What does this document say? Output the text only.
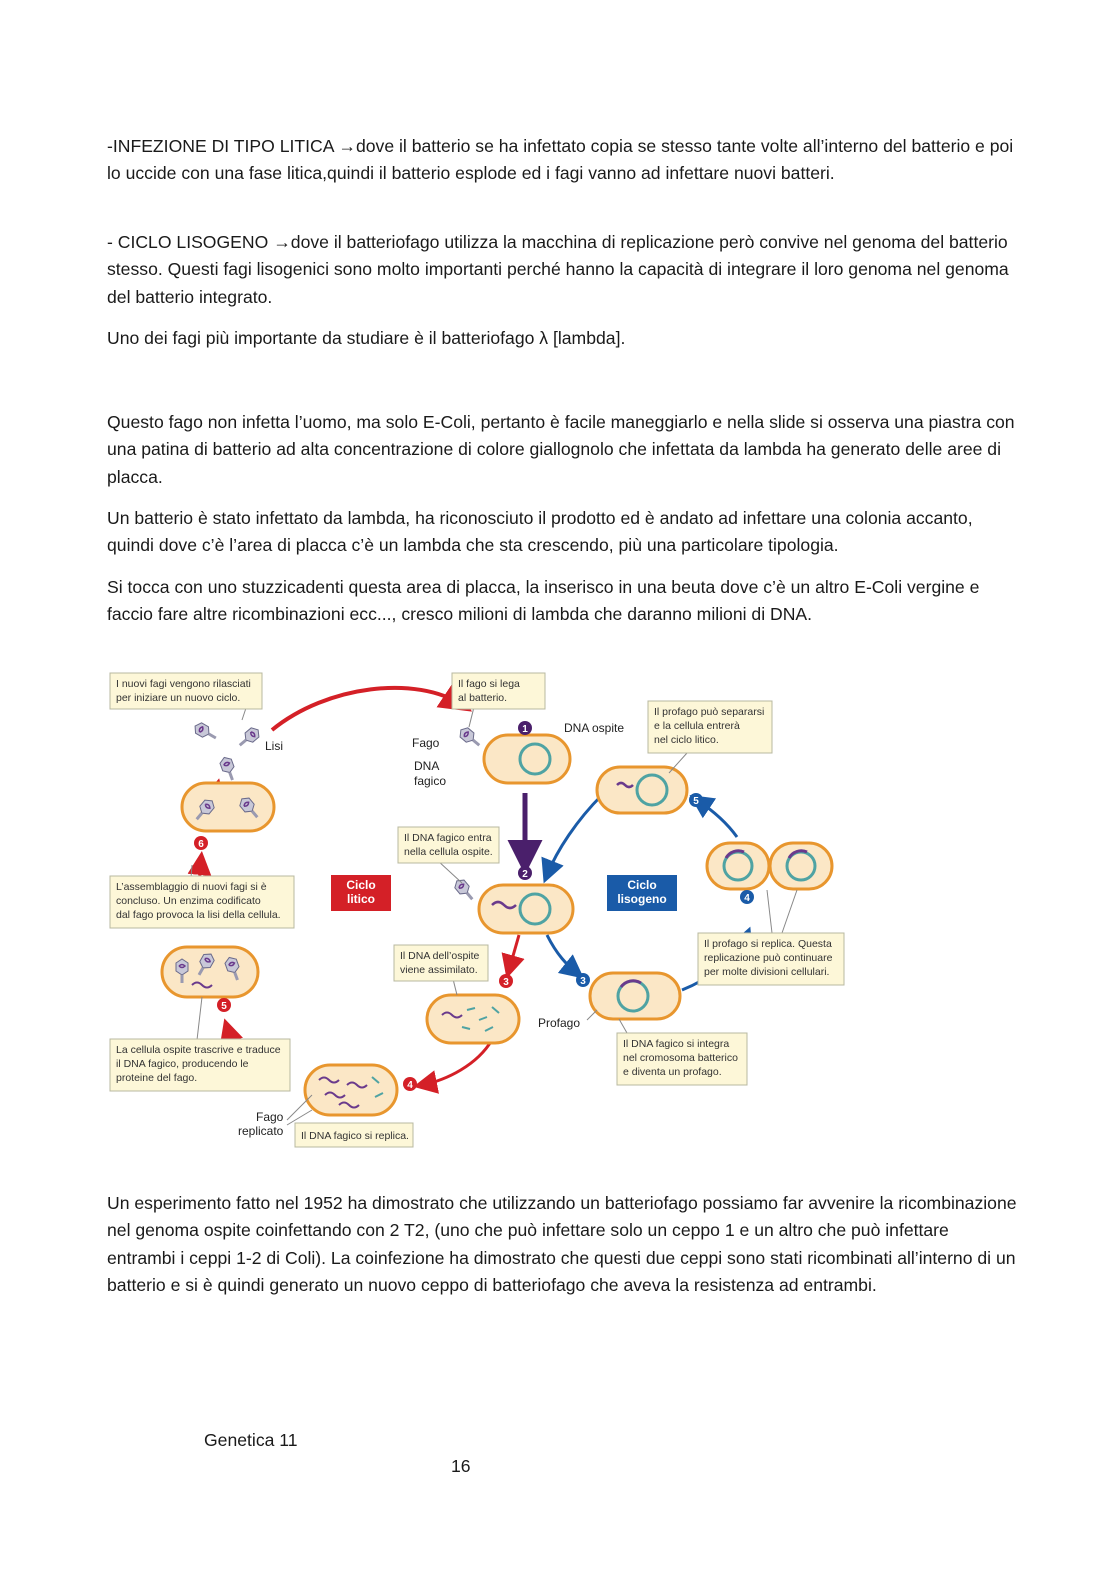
-INFEZIONE DI TIPO LITICA →dove il batterio se ha infettato copia se stesso tante volte all’interno del batterio e poi lo uccide con una fase litica,quindi il batterio esplode ed i fagi vanno ad infettare nuovi batteri.

- CICLO LISOGENO →dove il batteriofago utilizza la macchina di replicazione però convive nel genoma del batterio stesso. Questi fagi lisogenici sono molto importanti perché hanno la capacità di integrare il loro genoma nel genoma del batterio integrato.

Uno dei fagi più importante da studiare è il batteriofago λ [lambda].

Questo fago non infetta l’uomo, ma solo E-Coli, pertanto è facile maneggiarlo e nella slide si osserva una piastra con una patina di batterio ad alta concentrazione di colore giallognolo che infettata da lambda ha generato delle aree di placca.

Un batterio è stato infettato da lambda, ha riconosciuto il prodotto ed è andato ad infettare una colonia accanto, quindi dove c’è l’area di placca c’è un lambda che sta crescendo, più una particolare tipologia.

Si tocca con uno stuzzicadenti questa area di placca, la inserisco in una beuta dove c’è un altro E-Coli vergine e faccio fare altre ricombinazioni ecc..., cresco milioni di lambda che daranno milioni di DNA.

1
2
3
4
5
6
3
4
5
Ciclo
litico
Ciclo
lisogeno
Lisi	Fago
DNA
fagico
DNA ospite
Profago
Fago
replicato
I nuovi fagi vengono rilasciati
per iniziare un nuovo ciclo.
Il fago si lega
al batterio.
Il profago può separarsi
e la cellula entrerà
nel ciclo litico.
Il DNA fagico entra
nella cellula ospite.
L’assemblaggio di nuovi fagi si è
concluso. Un enzima codificato
dal fago provoca la lisi della cellula.
Il DNA dell’ospite
viene assimilato.
Il profago si replica. Questa
replicazione può continuare
per molte divisioni cellulari.
La cellula ospite trascrive e traduce
il DNA fagico, producendo le
proteine del fago.
Il DNA fagico si integra
nel cromosoma batterico
e diventa un profago.
Il DNA fagico si replica.

Un esperimento fatto nel 1952 ha dimostrato che utilizzando un batteriofago possiamo far avvenire la ricombinazione nel genoma ospite coinfettando con 2 T2, (uno che può infettare solo un ceppo 1 e un altro che può infettare entrambi i ceppi 1-2 di Coli). La coinfezione ha dimostrato che questi due ceppi sono stati ricombinati all’interno di un batterio e si è quindi generato un nuovo ceppo di batteriofago che aveva la resistenza ad entrambi.

Genetica 11
16
